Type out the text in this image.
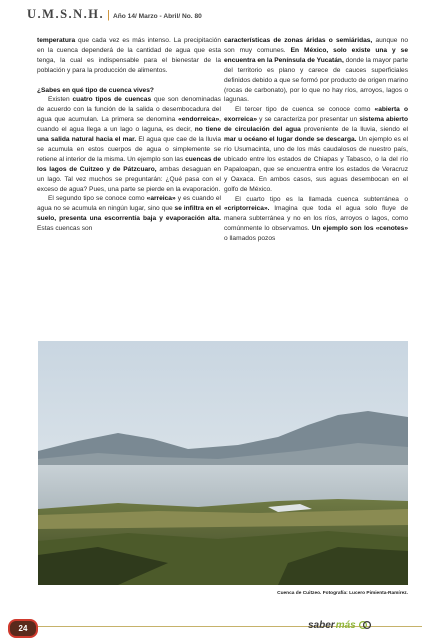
U.M.S.N.H. | Año 14/ Marzo - Abril/ No. 80

temperatura que cada vez es más intenso. La precipitación en la cuenca dependerá de la cantidad de agua que esta tenga, la cual es indispensable para el bienestar de la población y para la producción de alimentos.

¿Sabes en qué tipo de cuenca vives?

Existen cuatro tipos de cuencas que son denominadas de acuerdo con la función de la salida o desembocadura del agua que acumulan. La primera se denomina «endorreica», cuando el agua llega a un lago o laguna, es decir, no tiene una salida natural hacia el mar. El agua que cae de la lluvia se acumula en estos cuerpos de agua o simplemente se retiene al interior de la misma. Un ejemplo son las cuencas de los lagos de Cuitzeo y de Pátzcuaro, ambas desaguan en un lago. Tal vez muchos se preguntarán: ¿Qué pasa con el exceso de agua? Pues, una parte se pierde en la evaporación.

El segundo tipo se conoce como «arreica» y es cuando el agua no se acumula en ningún lugar, sino que se infiltra en el suelo, presenta una escorrentía baja y evaporación alta. Estas cuencas son

características de zonas áridas o semiáridas, aunque no son muy comunes. En México, solo existe una y se encuentra en la Península de Yucatán, donde la mayor parte del territorio es plano y carece de cauces superficiales definidos debido a que se formó por producto de origen marino (rocas de carbonato), por lo que no hay ríos, arroyos, lagos o lagunas.

El tercer tipo de cuenca se conoce como «abierta o exorreica» y se caracteriza por presentar un sistema abierto de circulación del agua proveniente de la lluvia, siendo el mar u océano el lugar donde se descarga. Un ejemplo es el río Usumacinta, uno de los más caudalosos de nuestro país, ubicado entre los estados de Chiapas y Tabasco, o la del río Papaloapan, que se encuentra entre los estados de Veracruz y Oaxaca. En ambos casos, sus aguas desembocan en el golfo de México.

El cuarto tipo es la llamada cuenca subterránea o «criptorreica». Imagina que toda el agua solo fluye de manera subterránea y no en los ríos, arroyos o lagos, como comúnmente lo observamos. Un ejemplo son los «cenotes» o llamados pozos

Cuenca de Cuitzeo. Fotografía: Lucero Pimienta-Ramírez.
24	saber más
